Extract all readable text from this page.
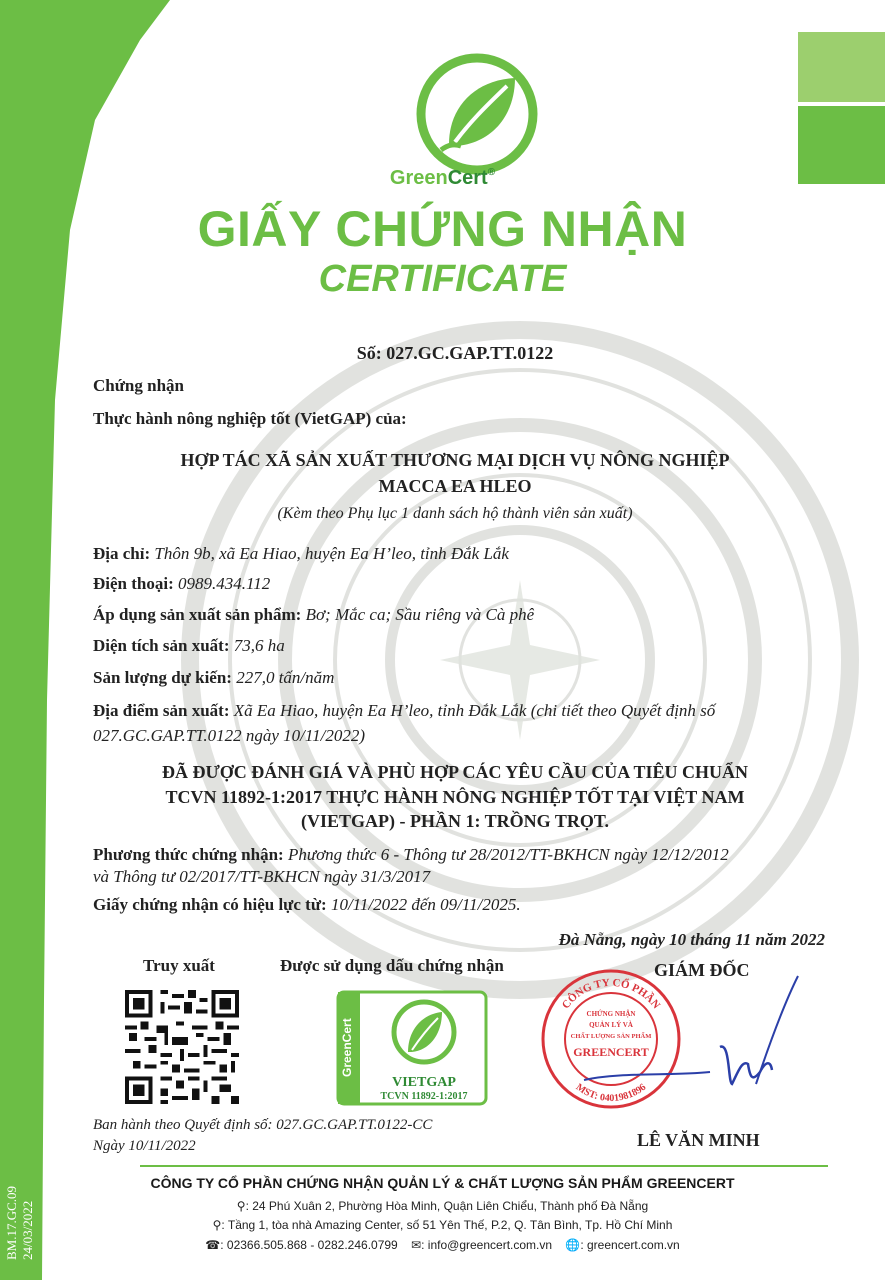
GreenCert®
GIẤY CHỨNG NHẬN
CERTIFICATE
Số: 027.GC.GAP.TT.0122
Chứng nhận
Thực hành nông nghiệp tốt (VietGAP) của:
HỢP TÁC XÃ SẢN XUẤT THƯƠNG MẠI DỊCH VỤ NÔNG NGHIỆP
MACCA EA HLEO
(Kèm theo Phụ lục 1 danh sách hộ thành viên sản xuất)
Địa chỉ: Thôn 9b, xã Ea Hiao, huyện Ea H’leo, tỉnh Đắk Lắk
Điện thoại: 0989.434.112
Áp dụng sản xuất sản phẩm: Bơ; Mắc ca; Sầu riêng và Cà phê
Diện tích sản xuất: 73,6 ha
Sản lượng dự kiến: 227,0 tấn/năm
Địa điểm sản xuất: Xã Ea Hiao, huyện Ea H’leo, tỉnh Đắk Lắk (chi tiết theo Quyết định số
027.GC.GAP.TT.0122 ngày 10/11/2022)
ĐÃ ĐƯỢC ĐÁNH GIÁ VÀ PHÙ HỢP CÁC YÊU CẦU CỦA TIÊU CHUẨN
TCVN 11892-1:2017 THỰC HÀNH NÔNG NGHIỆP TỐT TẠI VIỆT NAM
(VIETGAP) - PHẦN 1: TRỒNG TRỌT.
Phương thức chứng nhận: Phương thức 6 - Thông tư 28/2012/TT-BKHCN ngày 12/12/2012
và Thông tư 02/2017/TT-BKHCN ngày 31/3/2017
Giấy chứng nhận có hiệu lực từ: 10/11/2022 đến 09/11/2025.
Đà Nẵng, ngày 10 tháng 11 năm 2022
Truy xuất	Được sử dụng dấu chứng nhận	GIÁM ĐỐC
GreenCert
VIETGAP
TCVN 11892-1:2017
CÔNG TY CỔ PHẦN
MST: 0401981896
CHỨNG NHẬN
QUẢN LÝ VÀ
CHẤT LƯỢNG SẢN PHẨM
GREENCERT
Ban hành theo Quyết định số: 027.GC.GAP.TT.0122-CC
Ngày 10/11/2022	LÊ VĂN MINH
BM.17.GC.09 24/03/2022
CÔNG TY CỔ PHẦN CHỨNG NHẬN QUẢN LÝ & CHẤT LƯỢNG SẢN PHẨM GREENCERT
⚲: 24 Phú Xuân 2, Phường Hòa Minh, Quận Liên Chiểu, Thành phố Đà Nẵng
⚲: Tầng 1, tòa nhà Amazing Center, số 51 Yên Thế, P.2, Q. Tân Bình, Tp. Hồ Chí Minh
☎: 02366.505.868 - 0282.246.0799 ✉: info@greencert.com.vn 🌐: greencert.com.vn
